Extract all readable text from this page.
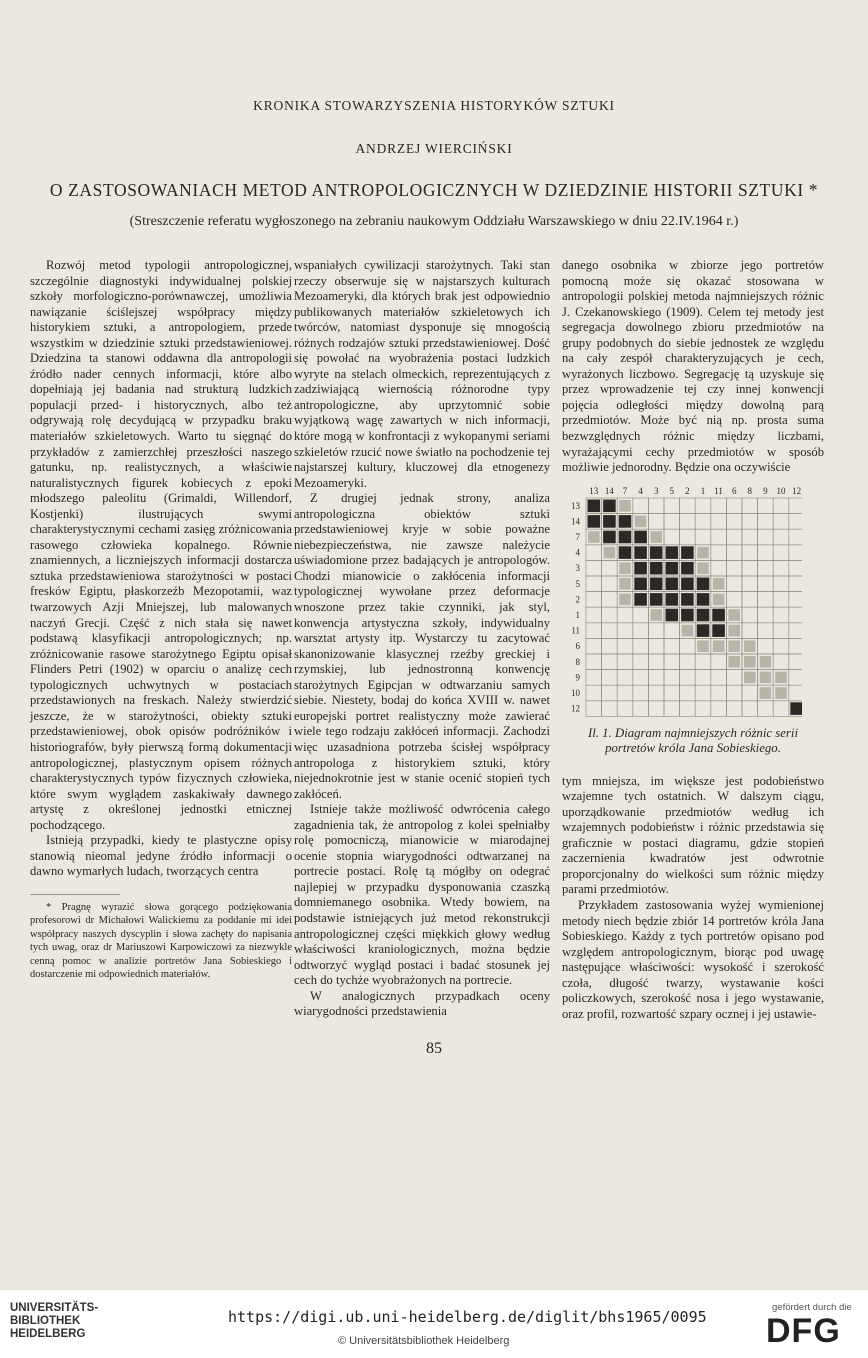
KRONIKA STOWARZYSZENIA HISTORYKÓW SZTUKI
ANDRZEJ WIERCIŃSKI
O ZASTOSOWANIACH METOD ANTROPOLOGICZNYCH W DZIEDZINIE HISTORII SZTUKI *
(Streszczenie referatu wygłoszonego na zebraniu naukowym Oddziału Warszawskiego w dniu 22.IV.1964 r.)

Rozwój metod typologii antropologicznej, szczególnie diagnostyki indywidualnej polskiej szkoły morfologiczno-porównawczej, umożliwia nawiązanie ściślejszej współpracy między historykiem sztuki, a antropologiem, przede wszystkim w dziedzinie sztuki przedstawieniowej. Dziedzina ta stanowi oddawna dla antropologii źródło nader cennych informacji, które albo dopełniają jej badania nad strukturą ludzkich populacji przed- i historycznych, albo też odgrywają rolę decydującą w przypadku braku materiałów szkieletowych. Warto tu sięgnąć do przykładów z zamierzchłej przeszłości naszego gatunku, np. realistycznych, a właściwie naturalistycznych figurek kobiecych z epoki młodszego paleolitu (Grimaldi, Willendorf, Kostjenki) ilustrujących swymi charakterystycznymi cechami zasięg zróżnicowania rasowego człowieka kopalnego. Równie znamiennych, a liczniejszych informacji dostarcza sztuka przedstawieniowa starożytności w postaci fresków Egiptu, płaskorzeźb Mezopotamii, waz twarzowych Azji Mniejszej, lub malowanych naczyń Grecji. Część z nich stała się nawet podstawą klasyfikacji antropologicznych; np. zróżnicowanie rasowe starożytnego Egiptu opisał Flinders Petri (1902) w oparciu o analizę cech typologicznych uchwytnych w postaciach przedstawionych na freskach. Należy stwierdzić jeszcze, że w starożytności, obiekty sztuki przedstawieniowej, obok opisów podróżników i historiografów, były pierwszą formą dokumentacji antropologicznej, plastycznym opisem różnych charakterystycznych typów fizycznych człowieka, które swym wyglądem zaskakiwały dawnego artystę z określonej jednostki etnicznej pochodzącego.

Istnieją przypadki, kiedy te plastyczne opisy stanowią nieomal jedyne źródło informacji o dawno wymarłych ludach, tworzących centra

* Pragnę wyrazić słowa gorącego podziękowania profesorowi dr Michałowi Walickiemu za poddanie mi idei współpracy naszych dyscyplin i słowa zachęty do napisania tych uwag, oraz dr Mariuszowi Karpowiczowi za niezwykle cenną pomoc w analizie portretów Jana Sobieskiego i dostarczenie mi odpowiednich materiałów.

wspaniałych cywilizacji starożytnych. Taki stan rzeczy obserwuje się w najstarszych kulturach Mezoameryki, dla których brak jest odpowiednio publikowanych materiałów szkieletowych ich twórców, natomiast dysponuje się mnogością różnych rodzajów sztuki przedstawieniowej. Dość się powołać na wyobrażenia postaci ludzkich wyryte na stelach olmeckich, reprezentujących z zadziwiającą wiernością różnorodne typy antropologiczne, aby uprzytomnić sobie wyjątkową wagę zawartych w nich informacji, które mogą w konfrontacji z wykopanymi seriami szkieletów rzucić nowe światło na pochodzenie tej najstarszej kultury, kluczowej dla etnogenezy Mezoameryki.

Z drugiej jednak strony, analiza antropologiczna obiektów sztuki przedstawieniowej kryje w sobie poważne niebezpieczeństwa, nie zawsze należycie uświadomione przez badających je antropologów. Chodzi mianowicie o zakłócenia informacji typologicznej wywołane przez deformacje wnoszone przez takie czynniki, jak styl, konwencja artystyczna szkoły, indywidualny warsztat artysty itp. Wystarczy tu zacytować skanonizowanie klasycznej rzeźby greckiej i rzymskiej, lub jednostronną konwencję starożytnych Egipcjan w odtwarzaniu samych siebie. Niestety, bodaj do końca XVIII w. nawet europejski portret realistyczny może zawierać wiele tego rodzaju zakłóceń informacji. Zachodzi więc uzasadniona potrzeba ścisłej współpracy antropologa z historykiem sztuki, który niejednokrotnie jest w stanie ocenić stopień tych zakłóceń.

Istnieje także możliwość odwrócenia całego zagadnienia tak, że antropolog z kolei spełniałby rolę pomocniczą, mianowicie w miarodajnej ocenie stopnia wiarygodności odtwarzanej na portrecie postaci. Rolę tą mógłby on odegrać najlepiej w przypadku dysponowania czaszką domniemanego osobnika. Wtedy bowiem, na podstawie istniejących już metod rekonstrukcji antropologicznej części miękkich głowy według właściwości kraniologicznych, można będzie odtworzyć wygląd postaci i badać stosunek jej cech do tychże wyobrażonych na portrecie.

W analogicznych przypadkach oceny wiarygodności przedstawienia

danego osobnika w zbiorze jego portretów pomocną może się okazać stosowana w antropologii polskiej metoda najmniejszych różnic J. Czekanowskiego (1909). Celem tej metody jest segregacja dowolnego zbioru przedmiotów na grupy podobnych do siebie jednostek ze względu na cały zespół charakteryzujących je cech, wyrażonych liczbowo. Segregację tą uzyskuje się przez wprowadzenie tej czy innej konwencji pojęcia odległości między dowolną parą przedmiotów. Może być nią np. prosta suma bezwzględnych różnic między liczbami, wyrażającymi cechy przedmiotów w sposób możliwie jednorodny. Będzie ona oczywiście

13 14 7 4 3 5 2 1 11 6 8 9 10 12
13
14
7
4
3
5
2
1
11
6
8
9
10
12

Il. 1. Diagram najmniejszych różnic serii portretów króla Jana Sobieskiego.

tym mniejsza, im większe jest podobieństwo wzajemne tych ostatnich. W dalszym ciągu, uporządkowanie przedmiotów według ich wzajemnych podobieństw i różnic przedstawia się graficznie w postaci diagramu, gdzie stopień zaczernienia kwadratów jest odwrotnie proporcjonalny do wielkości sum różnic między parami przedmiotów.

Przykładem zastosowania wyżej wymienionej metody niech będzie zbiór 14 portretów króla Jana Sobieskiego. Każdy z tych portretów opisano pod względem antropologicznym, biorąc pod uwagę następujące właściwości: wysokość i szerokość czoła, długość twarzy, wystawanie kości policzkowych, szerokość nosa i jego wystawanie, oraz profil, rozwartość szpary ocznej i jej ustawie-

85
UNIVERSITÄTS-
BIBLIOTHEK
HEIDELBERG
https://digi.ub.uni-heidelberg.de/diglit/bhs1965/0095
© Universitätsbibliothek Heidelberg
gefördert durch die
DFG
